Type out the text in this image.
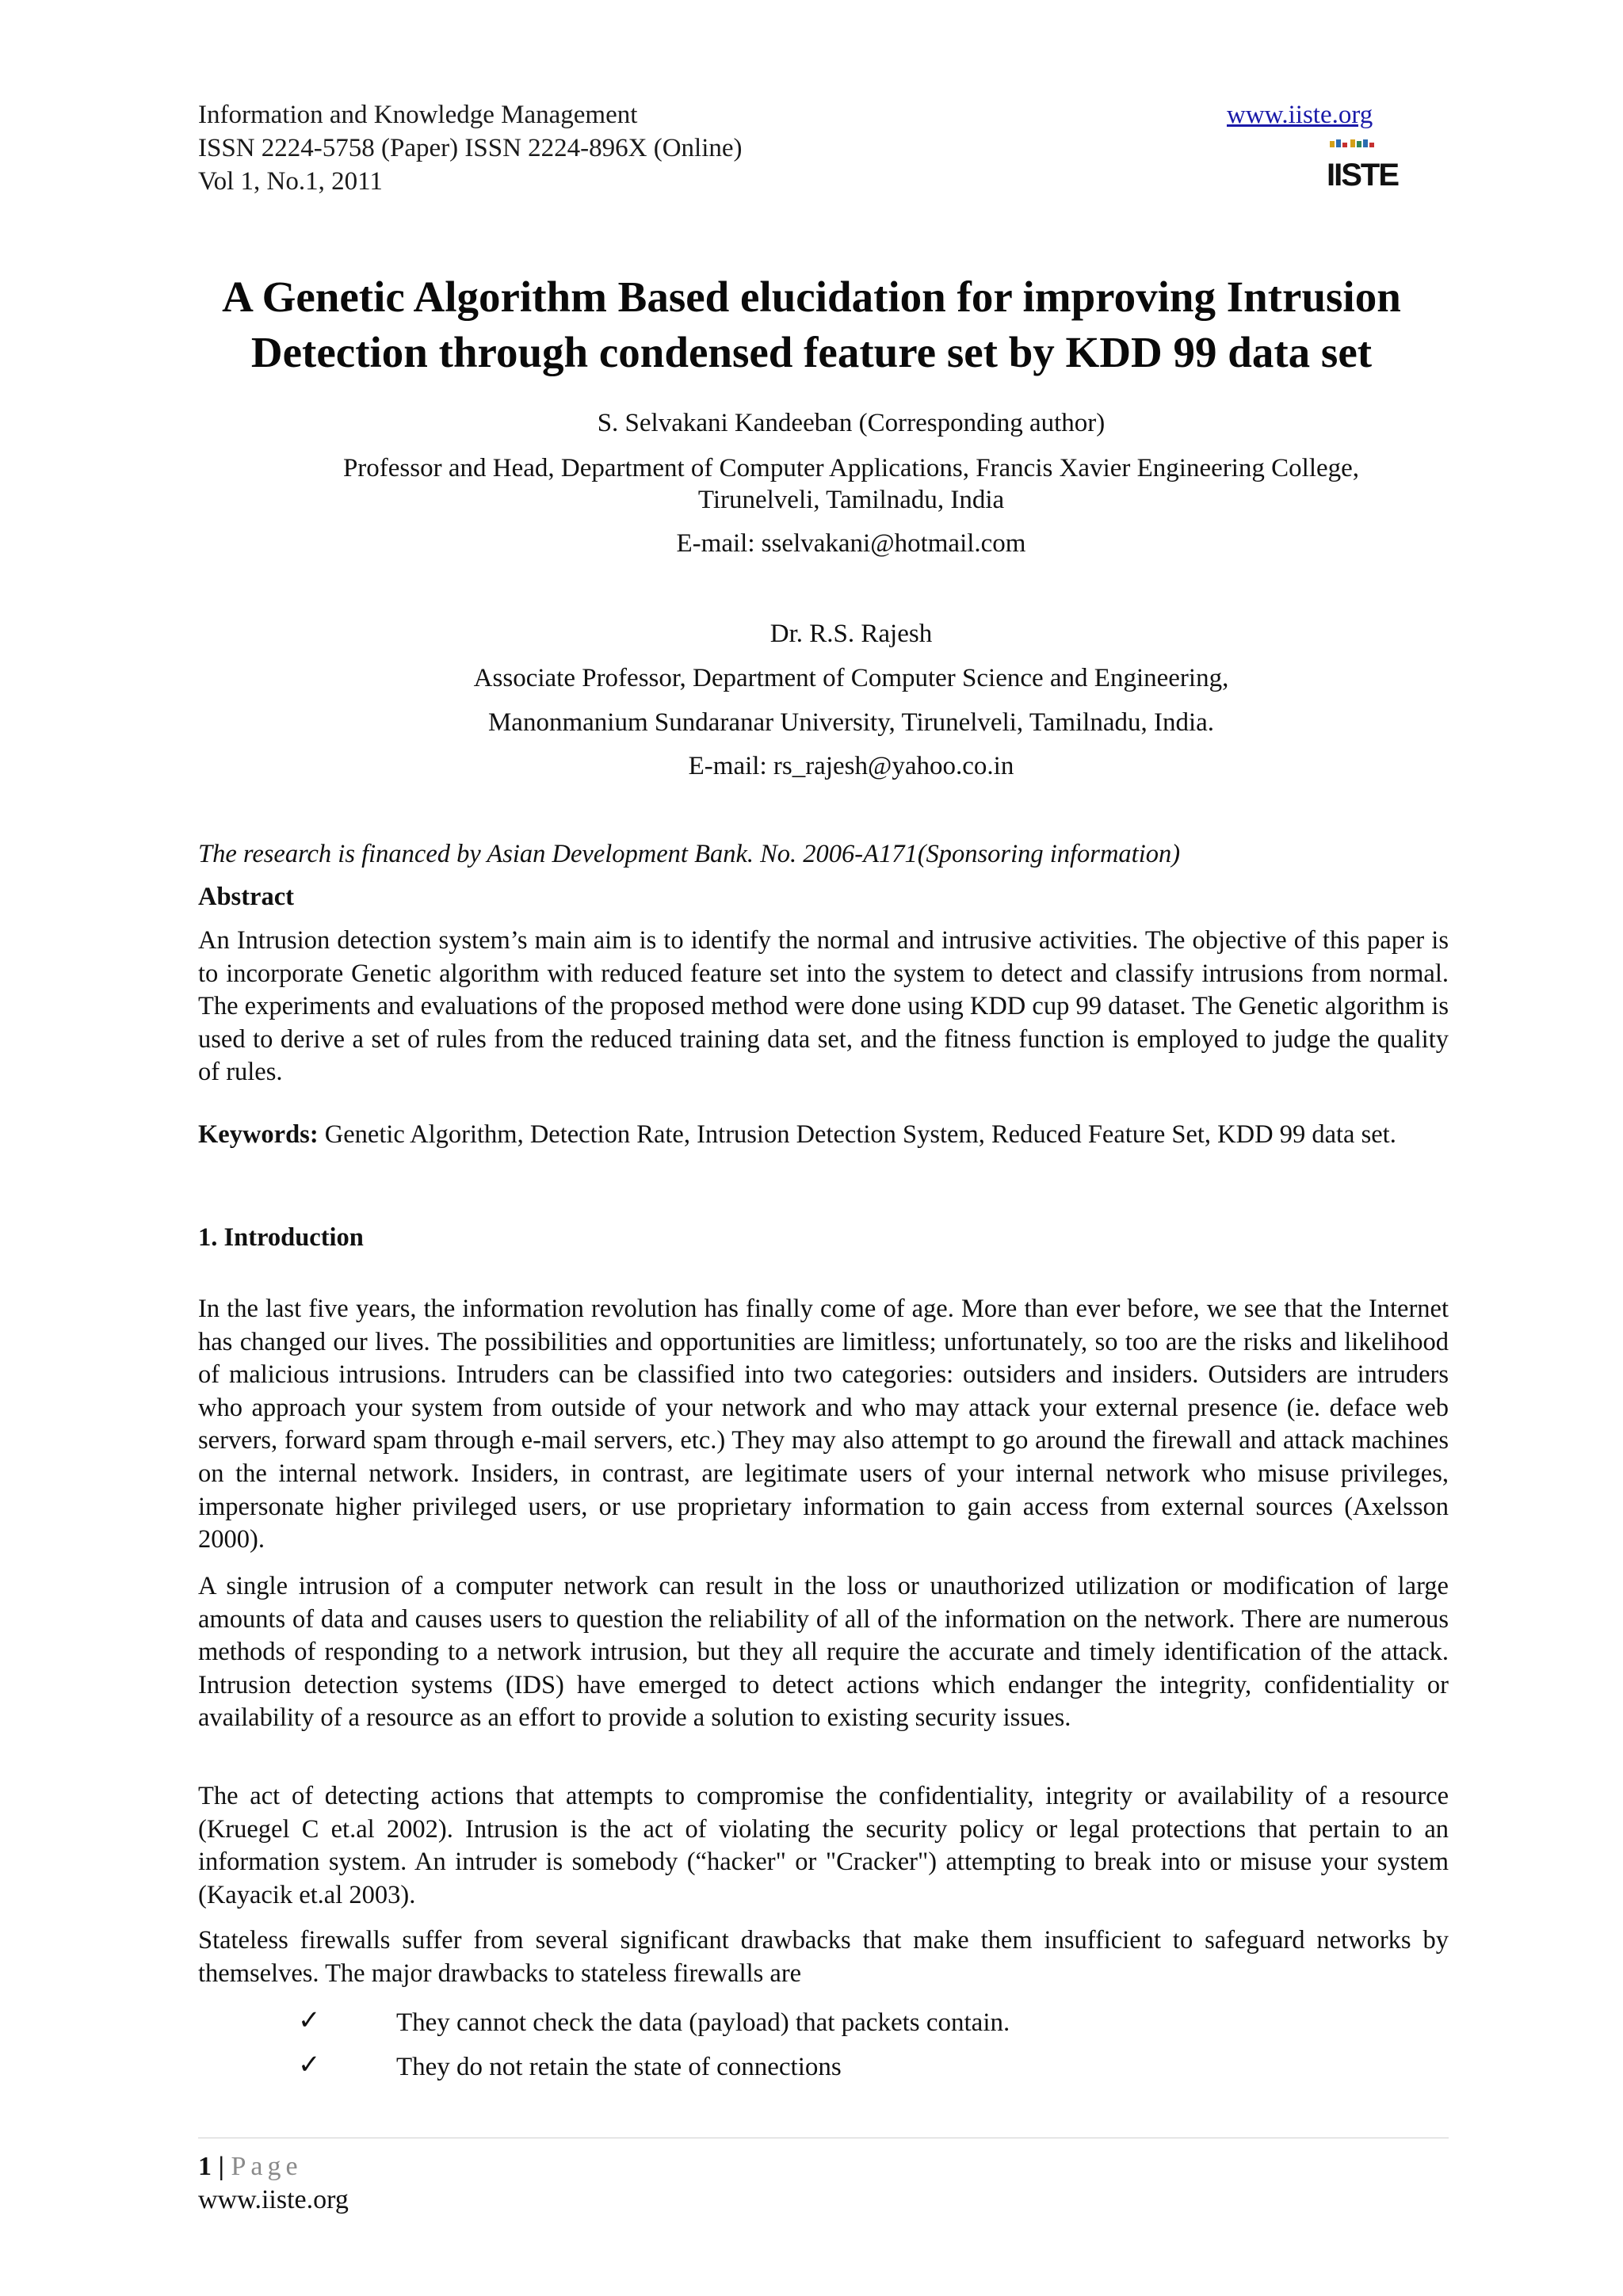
Information and Knowledge Management
ISSN 2224-5758 (Paper) ISSN 2224-896X (Online)
Vol 1, No.1, 2011
www.iiste.org
IISTE
A Genetic Algorithm Based elucidation for improving Intrusion
Detection through condensed feature set by KDD 99 data set
S. Selvakani Kandeeban (Corresponding author)
Professor and Head, Department of Computer Applications, Francis Xavier Engineering College,
Tirunelveli, Tamilnadu, India
E-mail: sselvakani@hotmail.com
Dr. R.S. Rajesh
Associate Professor, Department of Computer Science and Engineering,
Manonmanium Sundaranar University, Tirunelveli, Tamilnadu, India.
E-mail: rs_rajesh@yahoo.co.in
The research is financed by Asian Development Bank. No. 2006-A171(Sponsoring information)
Abstract
An Intrusion detection system’s main aim is to identify the normal and intrusive activities. The objective of this paper is to incorporate Genetic algorithm with reduced feature set into the system to detect and classify intrusions from normal. The experiments and evaluations of the proposed method were done using KDD cup 99 dataset. The Genetic algorithm is used to derive a set of rules from the reduced training data set, and the fitness function is employed to judge the quality of rules.
Keywords: Genetic Algorithm, Detection Rate, Intrusion Detection System, Reduced Feature Set, KDD 99 data set.
1. Introduction
In the last five years, the information revolution has finally come of age. More than ever before, we see that the Internet has changed our lives. The possibilities and opportunities are limitless; unfortunately, so too are the risks and likelihood of malicious intrusions. Intruders can be classified into two categories: outsiders and insiders. Outsiders are intruders who approach your system from outside of your network and who may attack your external presence (ie. deface web servers, forward spam through e-mail servers, etc.) They may also attempt to go around the firewall and attack machines on the internal network. Insiders, in contrast, are legitimate users of your internal network who misuse privileges, impersonate higher privileged users, or use proprietary information to gain access from external sources (Axelsson 2000).
A single intrusion of a computer network can result in the loss or unauthorized utilization or modification of large amounts of data and causes users to question the reliability of all of the information on the network. There are numerous methods of responding to a network intrusion, but they all require the accurate and timely identification of the attack. Intrusion detection systems (IDS) have emerged to detect actions which endanger the integrity, confidentiality or availability of a resource as an effort to provide a solution to existing security issues.
The act of detecting actions that attempts to compromise the confidentiality, integrity or availability of a resource (Kruegel C et.al 2002). Intrusion is the act of violating the security policy or legal protections that pertain to an information system. An intruder is somebody (“hacker" or "Cracker") attempting to break into or misuse your system (Kayacik et.al 2003).
Stateless firewalls suffer from several significant drawbacks that make them insufficient to safeguard networks by themselves. The major drawbacks to stateless firewalls are
✓	They cannot check the data (payload) that packets contain.
✓	They do not retain the state of connections
1 | Page
www.iiste.org
